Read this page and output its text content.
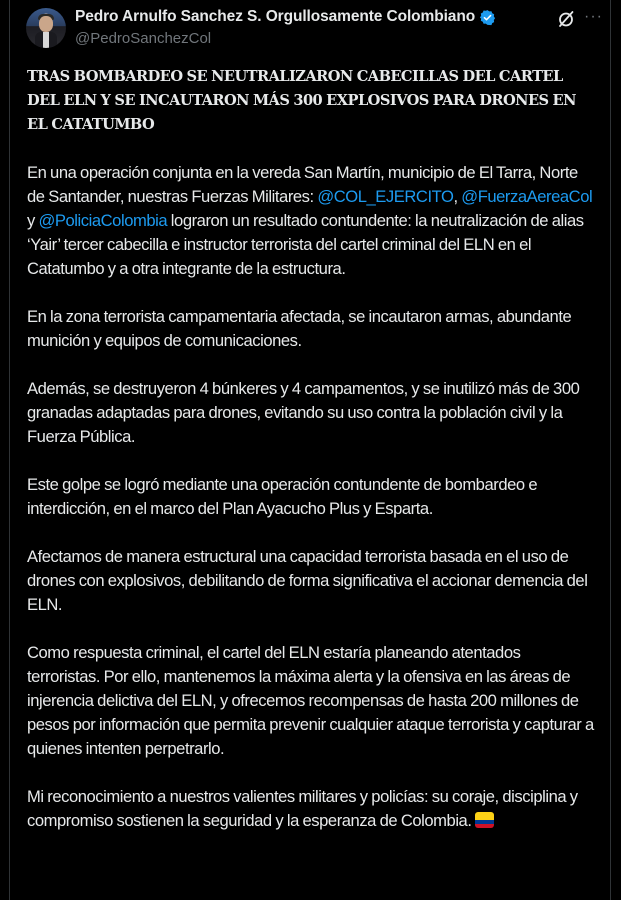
Pedro Arnulfo Sanchez S. Orgullosamente Colombiano
@PedroSanchezCol
···

TRAS BOMBARDEO SE NEUTRALIZARON CABECILLAS DEL CARTEL DEL ELN Y SE INCAUTARON MÁS 300 EXPLOSIVOS PARA DRONES EN EL CATATUMBO

En una operación conjunta en la vereda San Martín, municipio de El Tarra, Norte de Santander, nuestras Fuerzas Militares: @COL_EJERCITO, @FuerzaAereaCol y @PoliciaColombia lograron un resultado contundente: la neutralización de alias ‘Yair’ tercer cabecilla e instructor terrorista del cartel criminal del ELN en el Catatumbo y a otra integrante de la estructura.

En la zona terrorista campamentaria afectada, se incautaron armas, abundante munición y equipos de comunicaciones.

Además, se destruyeron 4 búnkeres y 4 campamentos, y se inutilizó más de 300 granadas adaptadas para drones, evitando su uso contra la población civil y la Fuerza Pública.

Este golpe se logró mediante una operación contundente de bombardeo e interdicción, en el marco del Plan Ayacucho Plus y Esparta.

Afectamos de manera estructural una capacidad terrorista basada en el uso de drones con explosivos, debilitando de forma significativa el accionar demencia del ELN.

Como respuesta criminal, el cartel del ELN estaría planeando atentados terroristas. Por ello, mantenemos la máxima alerta y la ofensiva en las áreas de injerencia delictiva del ELN, y ofrecemos recompensas de hasta 200 millones de pesos por información que permita prevenir cualquier ataque terrorista y capturar a quienes intenten perpetrarlo.

Mi reconocimiento a nuestros valientes militares y policías: su coraje, disciplina y compromiso sostienen la seguridad y la esperanza de Colombia.
